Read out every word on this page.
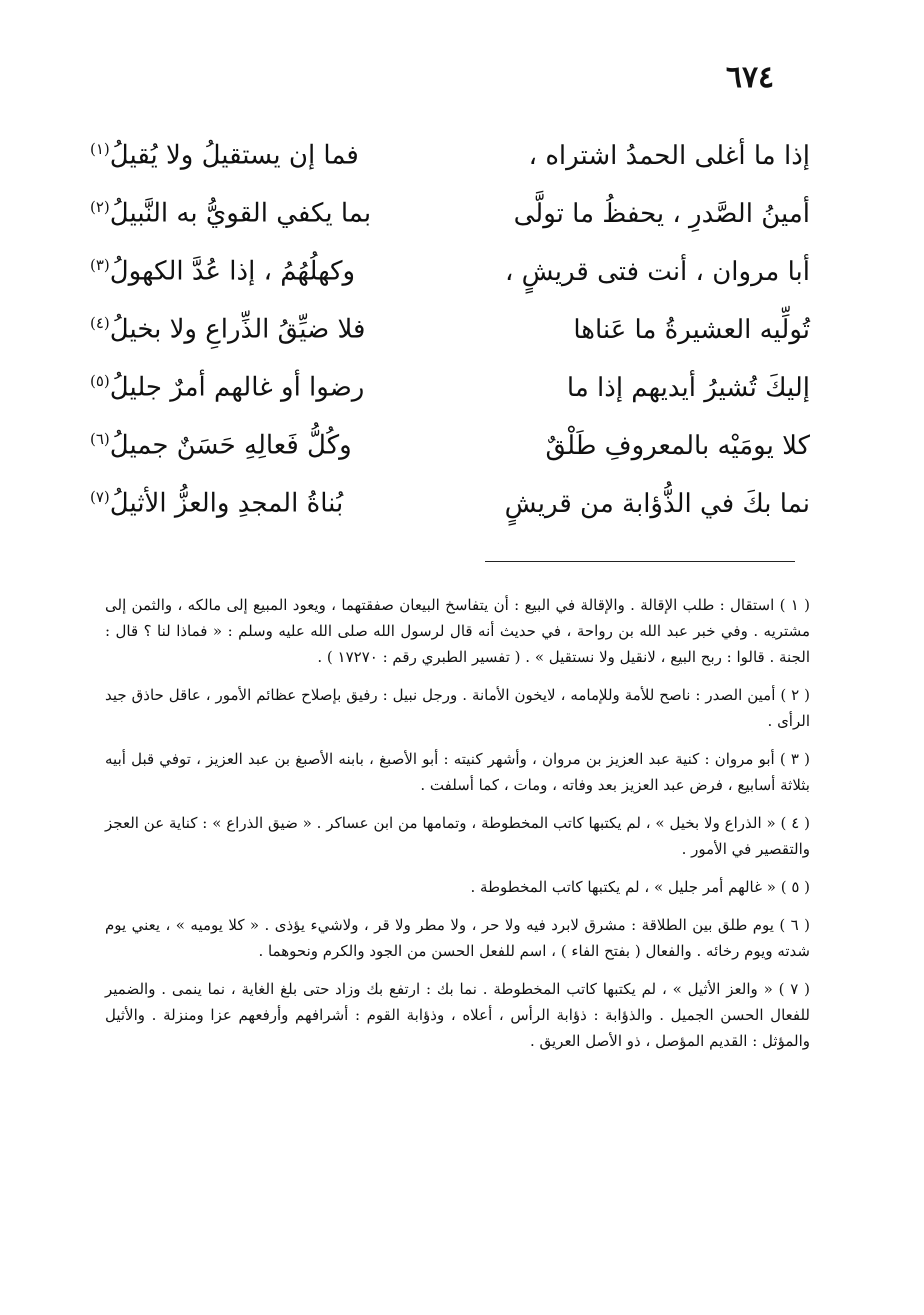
٦٧٤
إذا ما أغلى الحمدُ اشتراه ،
فما إن يستقيلُ ولا يُقيلُ$^{(١)}$
أمينُ الصَّدرِ ، يحفظُ ما تولَّى
بما يكفي القويُّ به النَّبيلُ$^{(٢)}$
أبا مروان ، أنت فتى قريشٍ ،
وكهلُهُمُ ، إذا عُدَّ الكهولُ$^{(٣)}$
تُولِّيه العشيرةُ ما عَناها
فلا ضيِّقُ الذِّراعِ ولا بخيلُ$^{(٤)}$
إليكَ تُشيرُ أيديهم إذا ما
رضوا أو غالهم أمرٌ جليلُ$^{(٥)}$
كلا يومَيْه بالمعروفِ طَلْقٌ
وكُلُّ فَعالِهِ حَسَنٌ جميلُ$^{(٦)}$
نما بكَ في الذُّؤابة من قريشٍ
بُناةُ المجدِ والعزُّ الأثيلُ$^{(٧)}$

( ١ ) استقال : طلب الإقالة . والإقالة في البيع : أن يتفاسخ البيعان صفقتهما ، ويعود المبيع إلى مالكه ، والثمن إلى مشتريه . وفي خبر عبد الله بن رواحة ، في حديث أنه قال لرسول الله صلى الله عليه وسلم : « فماذا لنا ؟ قال : الجنة . قالوا : ربح البيع ، لانقيل ولا نستقيل » . ( تفسير الطبري رقم : ١٧٢٧٠ ) .

( ٢ ) أمين الصدر : ناصح للأمة وللإمامه ، لايخون الأمانة . ورجل نبيل : رفيق بإصلاح عظائم الأمور ، عاقل حاذق جيد الرأى .

( ٣ ) أبو مروان : كنية عبد العزيز بن مروان ، وأشهر كنيته : أبو الأصبغ ، بابنه الأصبغ بن عبد العزيز ، توفي قبل أبيه بثلاثة أسابيع ، فرض عبد العزيز بعد وفاته ، ومات ، كما أسلفت .

( ٤ ) « الذراع ولا بخيل » ، لم يكتبها كاتب المخطوطة ، وتمامها من ابن عساكر . « ضيق الذراع » : كناية عن العجز والتقصير في الأمور .

( ٥ ) « غالهم أمر جليل » ، لم يكتبها كاتب المخطوطة .

( ٦ ) يوم طلق بين الطلاقة : مشرق لابرد فيه ولا حر ، ولا مطر ولا قر ، ولاشيء يؤذى . « كلا يوميه » ، يعني يوم شدته ويوم رخائه . والفعال ( بفتح الفاء ) ، اسم للفعل الحسن من الجود والكرم ونحوهما .

( ٧ ) « والعز الأثيل » ، لم يكتبها كاتب المخطوطة . نما بك : ارتفع بك وزاد حتى بلغ الغاية ، نما ينمى . والضمير للفعال الحسن الجميل . والذؤابة : ذؤابة الرأس ، أعلاه ، وذؤابة القوم : أشرافهم وأرفعهم عزا ومنزلة . والأثيل والمؤثل : القديم المؤصل ، ذو الأصل العريق .
